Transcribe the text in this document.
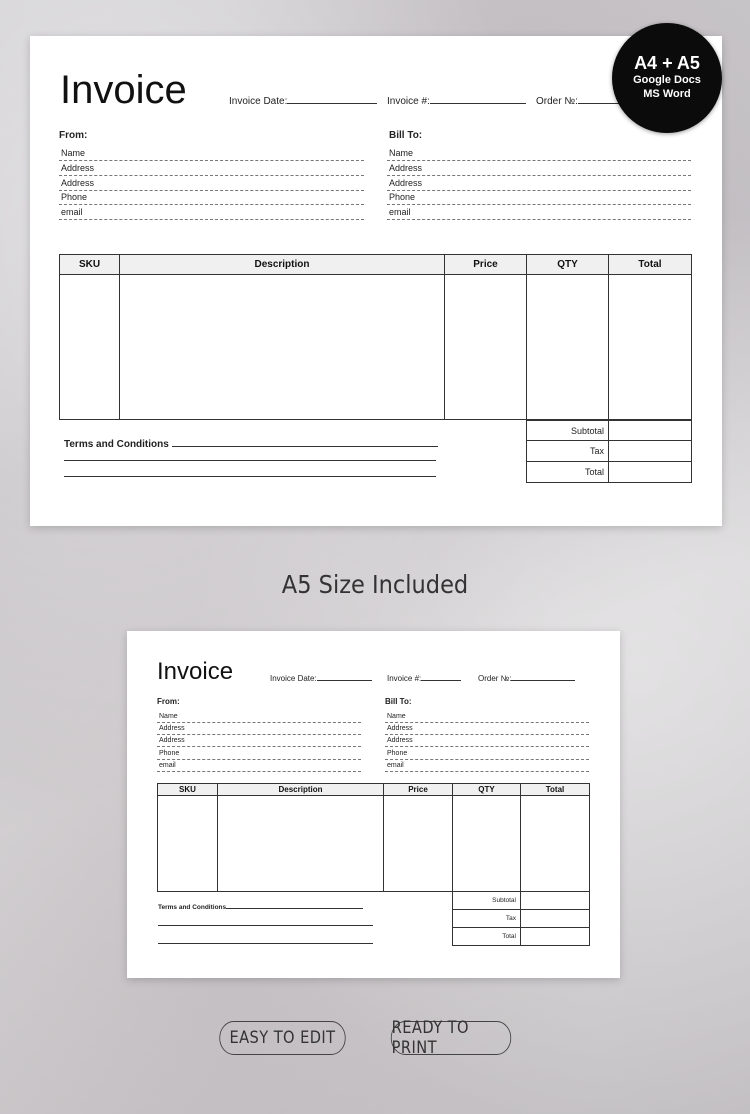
Invoice	Invoice Date:	Invoice #:	Order №:
From:	Bill To:
Name
Address
Address
Phone
email
Name
Address
Address
Phone
email
SKU	Description	Price	QTY	Total

Terms and Conditions
Subtotal	
Tax	
Total	
A4 + A5
Google Docs
MS Word
A5 Size Included
Invoice	Invoice Date:	Invoice #:	Order №:
From:	Bill To:
Name
Address
Address
Phone
email
Name
Address
Address
Phone
email
SKU	Description	Price	QTY	Total

Terms and Conditions
Subtotal	
Tax	
Total	
EASY TO EDIT	READY TO PRINT
